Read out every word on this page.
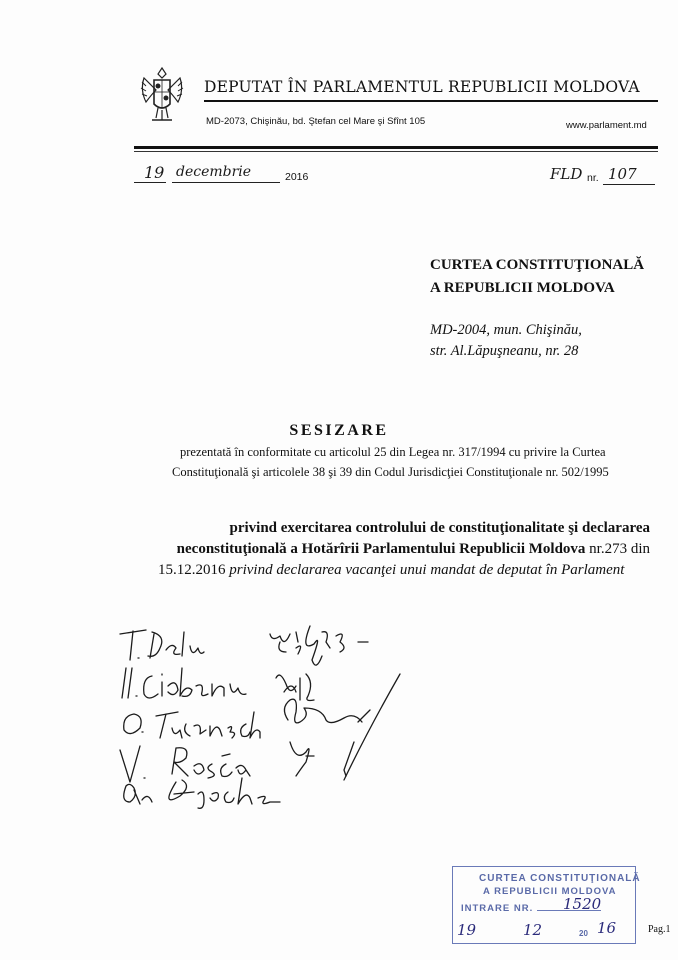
DEPUTAT ÎN PARLAMENTUL REPUBLICII MOLDOVA
MD-2073, Chişinău, bd. Ştefan cel Mare şi Sfînt 105	www.parlament.md
19 decembrie	2016	FLD nr. 107
CURTEA CONSTITUŢIONALĂ
A REPUBLICII MOLDOVA
MD-2004, mun. Chişinău,
str. Al.Lăpuşneanu, nr. 28
SESIZARE
prezentată în conformitate cu articolul 25 din Legea nr. 317/1994 cu privire la Curtea
Constituţională şi articolele 38 şi 39 din Codul Jurisdicţiei Constituţionale nr. 502/1995
privind exercitarea controlului de constituţionalitate şi declararea
neconstituţională a Hotărîrii Parlamentului Republicii Moldova nr.273 din
15.12.2016 privind declararea vacanţei unui mandat de deputat în Parlament
CURTEA CONSTITUŢIONALĂ
A REPUBLICII MOLDOVA
INTRARE NR.	1520
19	12	20 16	Pag.1
